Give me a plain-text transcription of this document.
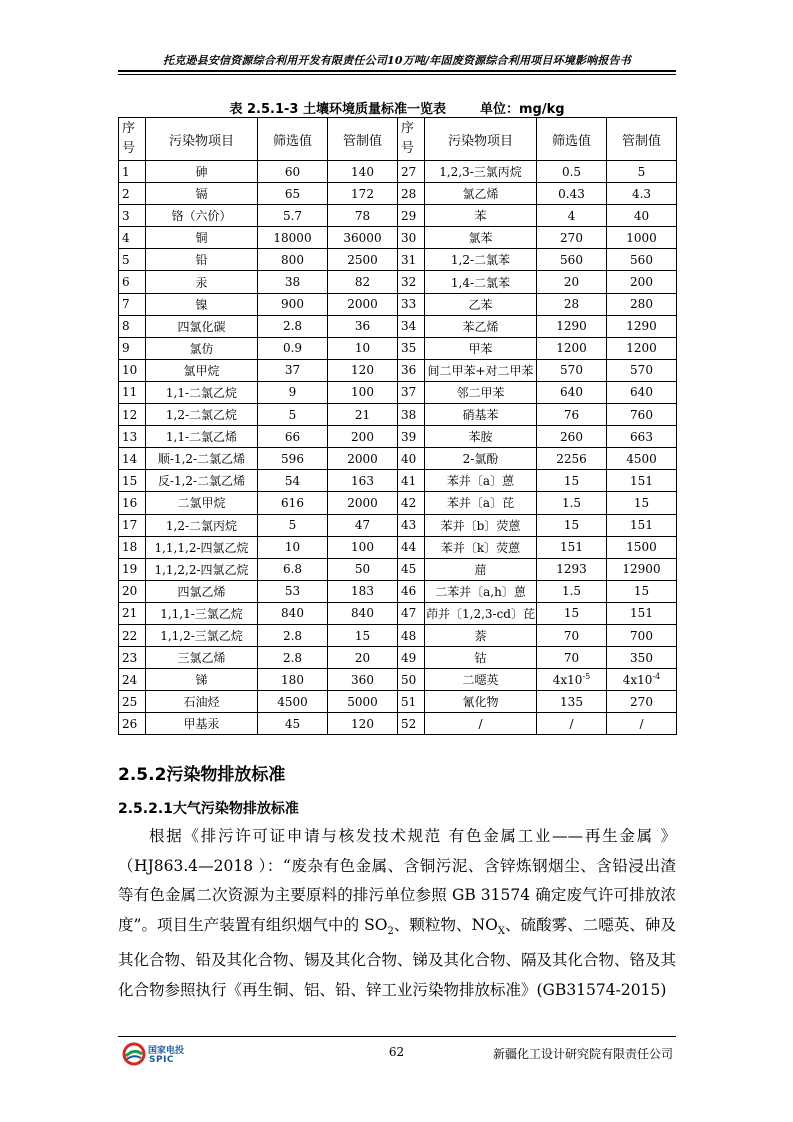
托克逊县安信资源综合利用开发有限责任公司10万吨/年固废资源综合利用项目环境影响报告书
表 2.5.1-3 土壤环境质量标准一览表	单位：mg/kg
序号	污染物项目	筛选值	管制值	序号	污染物项目	筛选值	管制值
1	砷	60	140	27	1,2,3-三氯丙烷	0.5	5
2	镉	65	172	28	氯乙烯	0.43	4.3
3	铬（六价）	5.7	78	29	苯	4	40
4	铜	18000	36000	30	氯苯	270	1000
5	铅	800	2500	31	1,2-二氯苯	560	560
6	汞	38	82	32	1,4-二氯苯	20	200
7	镍	900	2000	33	乙苯	28	280
8	四氯化碳	2.8	36	34	苯乙烯	1290	1290
9	氯仿	0.9	10	35	甲苯	1200	1200
10	氯甲烷	37	120	36	间二甲苯+对二甲苯	570	570
11	1,1-二氯乙烷	9	100	37	邻二甲苯	640	640
12	1,2-二氯乙烷	5	21	38	硝基苯	76	760
13	1,1-二氯乙烯	66	200	39	苯胺	260	663
14	顺-1,2-二氯乙烯	596	2000	40	2-氯酚	2256	4500
15	反-1,2-二氯乙烯	54	163	41	苯并〔a〕蒽	15	151
16	二氯甲烷	616	2000	42	苯并〔a〕芘	1.5	15
17	1,2-二氯丙烷	5	47	43	苯并〔b〕荧蒽	15	151
18	1,1,1,2-四氯乙烷	10	100	44	苯并〔k〕荧蒽	151	1500
19	1,1,2,2-四氯乙烷	6.8	50	45	䓛	1293	12900
20	四氯乙烯	53	183	46	二苯并〔a,h〕蒽	1.5	15
21	1,1,1-三氯乙烷	840	840	47	茚并〔1,2,3-cd〕芘	15	151
22	1,1,2-三氯乙烷	2.8	15	48	萘	70	700
23	三氯乙烯	2.8	20	49	钴	70	350
24	锑	180	360	50	二噁英	$4x10^{-5}$	$4x10^{-4}$
25	石油烃	4500	5000	51	氰化物	135	270
26	甲基汞	45	120	52	/	/	/
2.5.2污染物排放标准
2.5.2.1大气污染物排放标准

根据《排污许可证申请与核发技术规范 有色金属工业——再生金属 》（HJ863.4—2018 ）：“废杂有色金属、含铜污泥、含锌炼钢烟尘、含铅浸出渣等有色金属二次资源为主要原料的排污单位参照 GB 31574 确定废气许可排放浓度”。项目生产装置有组织烟气中的 $SO_2$、颗粒物、$NO_X$、硫酸雾、二噁英、砷及其化合物、铅及其化合物、锡及其化合物、锑及其化合物、隔及其化合物、铬及其化合物参照执行《再生铜、铝、铅、锌工业污染物排放标准》(GB31574-2015)

国家电投
SPIC
62	新疆化工设计研究院有限责任公司
